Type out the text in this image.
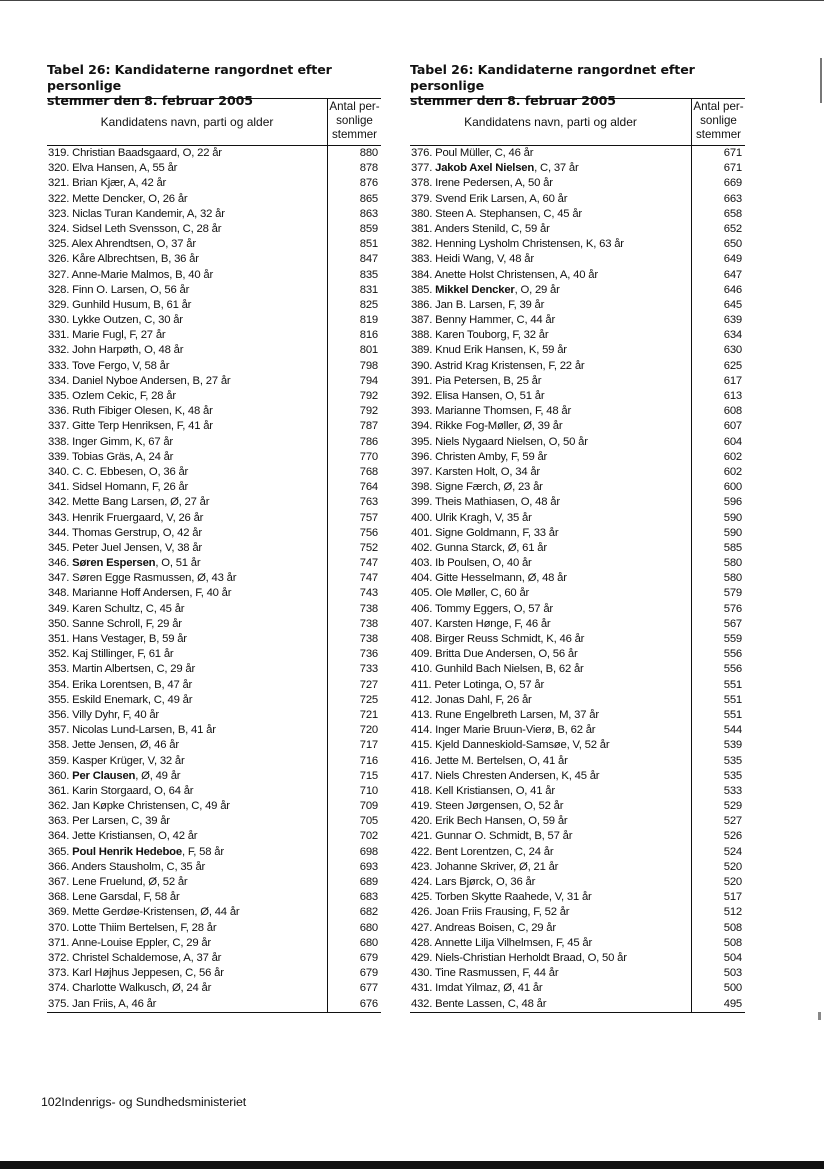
Tabel 26: Kandidaterne rangordnet efter personlige
stemmer den 8. februar 2005
Kandidatens navn, parti og alder
Antal per-
sonlige
stemmer
319. Christian Baadsgaard, O, 22 år	880
320. Elva Hansen, A, 55 år	878
321. Brian Kjær, A, 42 år	876
322. Mette Dencker, O, 26 år	865
323. Niclas Turan Kandemir, A, 32 år	863
324. Sidsel Leth Svensson, C, 28 år	859
325. Alex Ahrendtsen, O, 37 år	851
326. Kåre Albrechtsen, B, 36 år	847
327. Anne-Marie Malmos, B, 40 år	835
328. Finn O. Larsen, O, 56 år	831
329. Gunhild Husum, B, 61 år	825
330. Lykke Outzen, C, 30 år	819
331. Marie Fugl, F, 27 år	816
332. John Harpøth, O, 48 år	801
333. Tove Fergo, V, 58 år	798
334. Daniel Nyboe Andersen, B, 27 år	794
335. Ozlem Cekic, F, 28 år	792
336. Ruth Fibiger Olesen, K, 48 år	792
337. Gitte Terp Henriksen, F, 41 år	787
338. Inger Gimm, K, 67 år	786
339. Tobias Gräs, A, 24 år	770
340. C. C. Ebbesen, O, 36 år	768
341. Sidsel Homann, F, 26 år	764
342. Mette Bang Larsen, Ø, 27 år	763
343. Henrik Fruergaard, V, 26 år	757
344. Thomas Gerstrup, O, 42 år	756
345. Peter Juel Jensen, V, 38 år	752
346. Søren Espersen, O, 51 år	747
347. Søren Egge Rasmussen, Ø, 43 år	747
348. Marianne Hoff Andersen, F, 40 år	743
349. Karen Schultz, C, 45 år	738
350. Sanne Schroll, F, 29 år	738
351. Hans Vestager, B, 59 år	738
352. Kaj Stillinger, F, 61 år	736
353. Martin Albertsen, C, 29 år	733
354. Erika Lorentsen, B, 47 år	727
355. Eskild Enemark, C, 49 år	725
356. Villy Dyhr, F, 40 år	721
357. Nicolas Lund-Larsen, B, 41 år	720
358. Jette Jensen, Ø, 46 år	717
359. Kasper Krüger, V, 32 år	716
360. Per Clausen, Ø, 49 år	715
361. Karin Storgaard, O, 64 år	710
362. Jan Køpke Christensen, C, 49 år	709
363. Per Larsen, C, 39 år	705
364. Jette Kristiansen, O, 42 år	702
365. Poul Henrik Hedeboe, F, 58 år	698
366. Anders Stausholm, C, 35 år	693
367. Lene Fruelund, Ø, 52 år	689
368. Lene Garsdal, F, 58 år	683
369. Mette Gerdøe-Kristensen, Ø, 44 år	682
370. Lotte Thiim Bertelsen, F, 28 år	680
371. Anne-Louise Eppler, C, 29 år	680
372. Christel Schaldemose, A, 37 år	679
373. Karl Højhus Jeppesen, C, 56 år	679
374. Charlotte Walkusch, Ø, 24 år	677
375. Jan Friis, A, 46 år	676
Tabel 26: Kandidaterne rangordnet efter personlige
stemmer den 8. februar 2005
Kandidatens navn, parti og alder
Antal per-
sonlige
stemmer
376. Poul Müller, C, 46 år	671
377. Jakob Axel Nielsen, C, 37 år	671
378. Irene Pedersen, A, 50 år	669
379. Svend Erik Larsen, A, 60 år	663
380. Steen A. Stephansen, C, 45 år	658
381. Anders Stenild, C, 59 år	652
382. Henning Lysholm Christensen, K, 63 år	650
383. Heidi Wang, V, 48 år	649
384. Anette Holst Christensen, A, 40 år	647
385. Mikkel Dencker, O, 29 år	646
386. Jan B. Larsen, F, 39 år	645
387. Benny Hammer, C, 44 år	639
388. Karen Touborg, F, 32 år	634
389. Knud Erik Hansen, K, 59 år	630
390. Astrid Krag Kristensen, F, 22 år	625
391. Pia Petersen, B, 25 år	617
392. Elisa Hansen, O, 51 år	613
393. Marianne Thomsen, F, 48 år	608
394. Rikke Fog-Møller, Ø, 39 år	607
395. Niels Nygaard Nielsen, O, 50 år	604
396. Christen Amby, F, 59 år	602
397. Karsten Holt, O, 34 år	602
398. Signe Færch, Ø, 23 år	600
399. Theis Mathiasen, O, 48 år	596
400. Ulrik Kragh, V, 35 år	590
401. Signe Goldmann, F, 33 år	590
402. Gunna Starck, Ø, 61 år	585
403. Ib Poulsen, O, 40 år	580
404. Gitte Hesselmann, Ø, 48 år	580
405. Ole Møller, C, 60 år	579
406. Tommy Eggers, O, 57 år	576
407. Karsten Hønge, F, 46 år	567
408. Birger Reuss Schmidt, K, 46 år	559
409. Britta Due Andersen, O, 56 år	556
410. Gunhild Bach Nielsen, B, 62 år	556
411. Peter Lotinga, O, 57 år	551
412. Jonas Dahl, F, 26 år	551
413. Rune Engelbreth Larsen, M, 37 år	551
414. Inger Marie Bruun-Vierø, B, 62 år	544
415. Kjeld Danneskiold-Samsøe, V, 52 år	539
416. Jette M. Bertelsen, O, 41 år	535
417. Niels Chresten Andersen, K, 45 år	535
418. Kell Kristiansen, O, 41 år	533
419. Steen Jørgensen, O, 52 år	529
420. Erik Bech Hansen, O, 59 år	527
421. Gunnar O. Schmidt, B, 57 år	526
422. Bent Lorentzen, C, 24 år	524
423. Johanne Skriver, Ø, 21 år	520
424. Lars Bjørck, O, 36 år	520
425. Torben Skytte Raahede, V, 31 år	517
426. Joan Friis Frausing, F, 52 år	512
427. Andreas Boisen, C, 29 år	508
428. Annette Lilja Vilhelmsen, F, 45 år	508
429. Niels-Christian Herholdt Braad, O, 50 år	504
430. Tine Rasmussen, F, 44 år	503
431. Imdat Yilmaz, Ø, 41 år	500
432. Bente Lassen, C, 48 år	495
102Indenrigs- og Sundhedsministeriet
